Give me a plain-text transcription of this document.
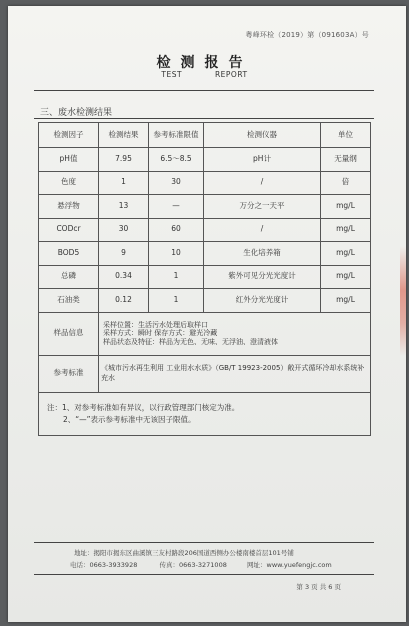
粤峰环检（2019）第（091603A）号
检测报告
TEST REPORT
三、废水检测结果
检测因子	检测结果	参考标准限值	检测仪器	单位
pH值	7.95	6.5～8.5	pH计	无量纲
色度	1	30	/	倍
悬浮物	13	—	万分之一天平	mg/L
CODcr	30	60	/	mg/L
BOD5	9	10	生化培养箱	mg/L
总磷	0.34	1	紫外可见分光光度计	mg/L
石油类	0.12	1	红外分光光度计	mg/L
样品信息	采样位置：生活污水处理后取样口
采样方式：瞬时 保存方式：避光冷藏
样品状态及特征：样品为无色、无味、无浮油、澄清液体			

参考标准	《城市污水再生利用 工业用水水质》（GB/T 19923-2005）敞开式循环冷却水系统补充水			

注：1、对参考标准如有异议，以行政管理部门核定为准。
2、“—”表示参考标准中无该因子限值。				
地址：揭阳市揭东区曲溪镇三友村路段206国道西侧办公楼南楼首层101号铺
电话：0663-3933928	传真：0663-3271008	网址：www.yuefengjc.com
第 3 页 共 6 页
